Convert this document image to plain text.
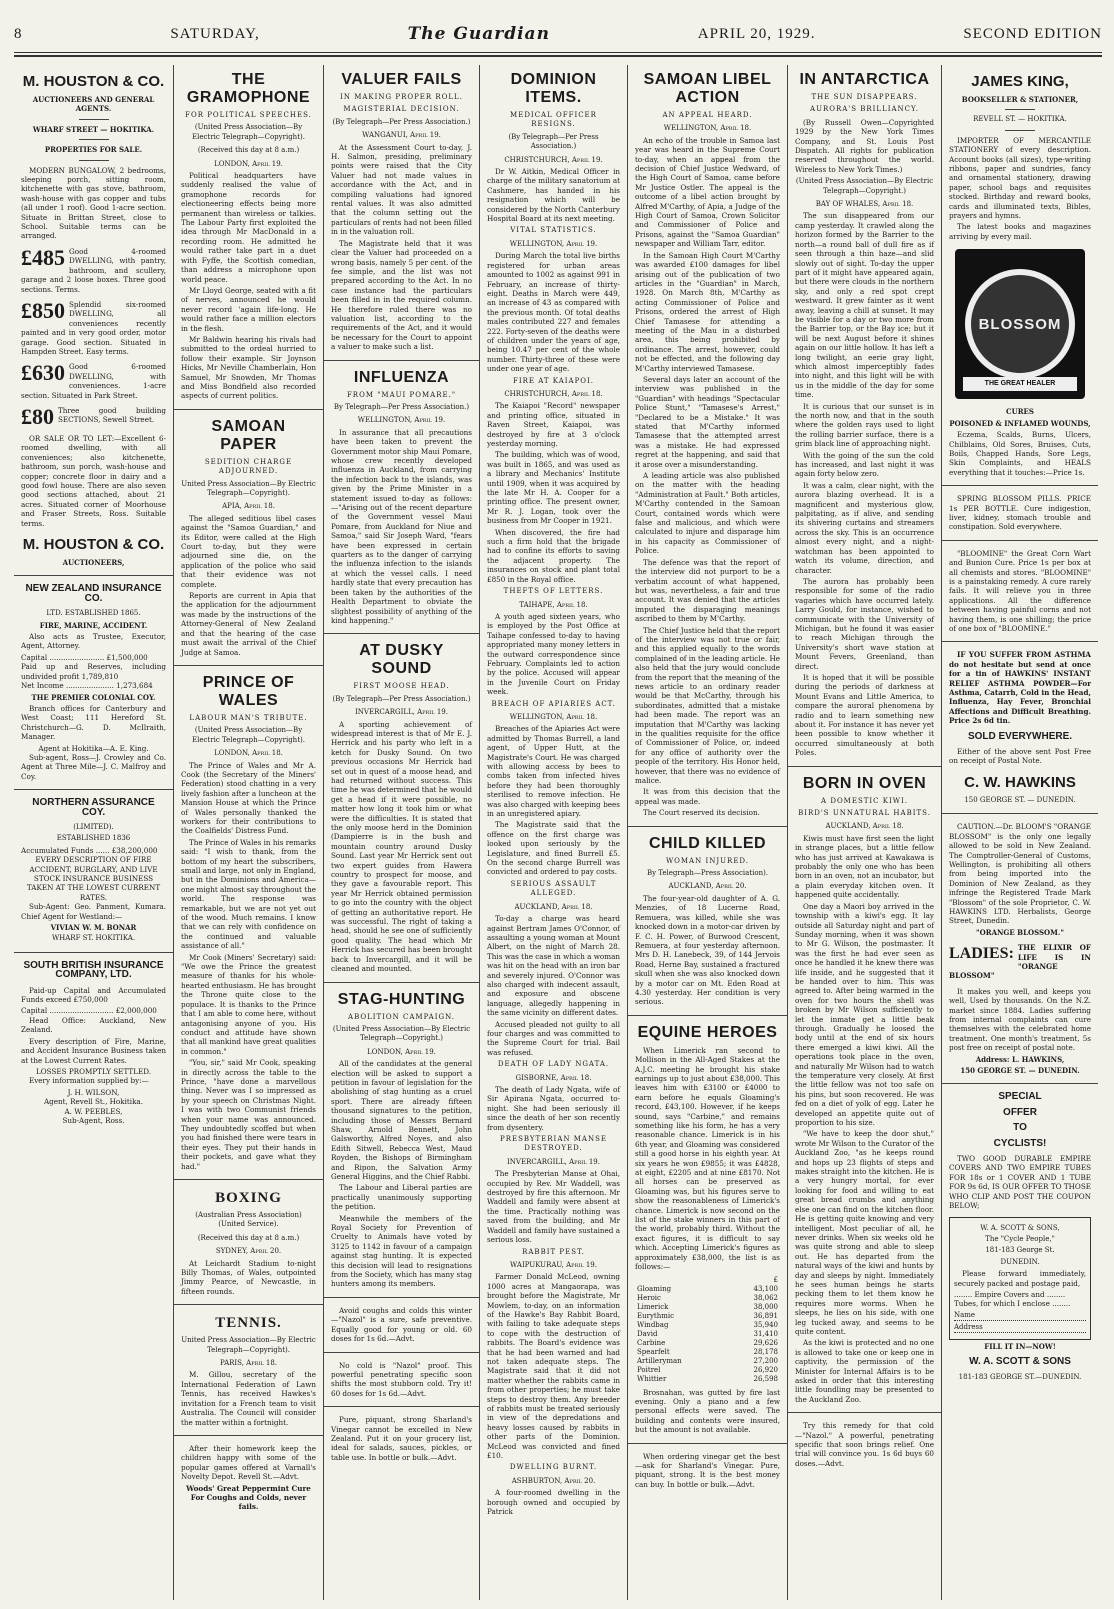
8	SATURDAY,	The Guardian	APRIL 20, 1929.	SECOND EDITION
M. HOUSTON & CO.
AUCTIONEERS AND GENERAL AGENTS.
WHARF STREET — HOKITIKA.
PROPERTIES FOR SALE.

MODERN BUNGALOW, 2 bedrooms, sleeping porch, sitting room, kitchenette with gas stove, bathroom, wash-house with gas copper and tubs (all under 1 roof). Good 1-acre section. Situate in Brittan Street, close to School. Suitable terms can be arranged.

£485 Good 4-roomed DWELLING, with pantry, bathroom, and scullery, garage and 2 loose boxes. Three good sections. Terms.
£850 Splendid six-roomed DWELLING, all conveniences recently painted and in very good order, motor garage. Good section. Situated in Hampden Street. Easy terms.
£630 Good 6-roomed DWELLING, with conveniences. 1-acre section. Situated in Park Street.
£80 Three good building SECTIONS, Sewell Street.

OR SALE OR TO LET:—Excellent 6-roomed dwelling, with all conveniences; also kitchenette, bathroom, sun porch, wash-house and copper; concrete floor in dairy and a good fowl house. There are also seven good sections attached, about 21 acres. Situated corner of Moorhouse and Fraser Streets, Ross. Suitable terms.

M. HOUSTON & CO.
AUCTIONEERS,
NEW ZEALAND INSURANCE CO.
LTD. ESTABLISHED 1865.
FIRE, MARINE, ACCIDENT.

Also acts as Trustee, Executor, Agent, Attorney.

Capital ........................ £1,500,000

Paid up and Reserves, including undivided profit 1,789,810

Net Income ..................... 1,273,684

THE PREMIER COLONIAL COY.

Branch offices for Canterbury and West Coast; 111 Hereford St. Christchurch—G. D. McIlraith, Manager.

Agent at Hokitika—A. E. King.

Sub-agent, Ross—J. Crowley and Co. Agent at Three Mile—J. C. Malfroy and Coy.

NORTHERN ASSURANCE COY.
(LIMITED).
ESTABLISHED 1836

Accumulated Funds ...... £38,200,000

EVERY DESCRIPTION OF FIRE ACCIDENT, BURGLARY, AND LIVE STOCK INSURANCE BUSINESS TAKEN AT THE LOWEST CURRENT RATES.

Sub-Agent: Geo. Panment, Kumara. Chief Agent for Westland:—

VIVIAN W. M. BONAR
WHARF ST. HOKITIKA.
SOUTH BRITISH INSURANCE COMPANY, LTD.

Paid-up Capital and Accumulated Funds exceed £750,000

Capital ............................ £2,000,000

Head Office: Auckland, New Zealand.

Every description of Fire, Marine, and Accident Insurance Business taken at the Lowest Current Rates.

LOSSES PROMPTLY SETTLED.

Every information supplied by:—

J. H. WILSON,

Agent, Revell St., Hokitika.

A. W. PEEBLES,

Sub-Agent, Ross.

THE GRAMOPHONE
FOR POLITICAL SPEECHES.
(United Press Association—By Electric Telegraph—Copyright).
(Received this day at 8 a.m.)
LONDON, April 19.

Political headquarters have suddenly realised the value of gramophone records for electioneering effects being more permanent than wireless or talkies. The Labour Party first exploited the idea through Mr MacDonald in a recording room. He admitted he would rather take part in a duet with Fyffe, the Scottish comedian, than address a microphone upon world peace.

Mr Lloyd George, seated with a fit of nerves, announced he would never record 'again life-long. He would rather face a million electors in the flesh.

Mr Baldwin hearing his rivals had submitted to the ordeal hurried to follow their example. Sir Joynson Hicks, Mr Neville Chamberlain, Hon Samuel, Mr Snowden, Mr Thomas and Miss Bondfield also recorded aspects of current politics.

SAMOAN PAPER
SEDITION CHARGE ADJOURNED.
United Press Association—By Electric Telegraph—Copyright).
APIA, April 18.

The alleged seditious libel cases against the "Samoa Guardian," and its Editor, were called at the High Court to-day, but they were adjourned sine die, on the application of the police who said that their evidence was not complete.

Reports are current in Apia that the application for the adjournment was made by the instructions of the Attorney-General of New Zealand and that the hearing of the case must await the arrival of the Chief Judge at Samoa.

PRINCE OF WALES
LABOUR MAN'S TRIBUTE.
(United Press Association—By Electric Telegraph—Copyright).
LONDON, April 18.

The Prince of Wales and Mr A. Cook (the Secretary of the Miners' Federation) stood chatting in a very lively fashion after a luncheon at the Mansion House at which the Prince of Wales personally thanked the workers for their contributions to the Coalfields' Distress Fund.

The Prince of Wales in his remarks said: "I wish to thank, from the bottom of my heart the subscribers, small and large, not only in England, but in the Dominions and America—one might almost say throughout the world. The response was remarkable, but we are not yet out of the wood. Much remains. I know that we can rely with confidence on the continued and valuable assistance of all."

Mr Cook (Miners' Secretary) said: "We owe the Prince the greatest measure of thanks for his whole-hearted enthusiasm. He has brought the Throne quite close to the populace. It is thanks to the Prince that I am able to come here, without antagonising anyone of you. His conduct and attitude have shown that all mankind have great qualities in common."

"You, sir," said Mr Cook, speaking in directly across the table to the Prince, "have done a marvellous thing. Never was I so impressed as by your speech on Christmas Night. I was with two Communist friends when your name was announced. They undoubtedly scoffed but when you had finished there were tears in their eyes. They put their hands in their pockets, and gave what they had."

BOXING
(Australian Press Association) (United Service).
(Received this day at 8 a.m.)
SYDNEY, April 20.

At Leichardt Stadium to-night Billy Thomas, of Wales, outpointed Jimmy Pearce, of Newcastle, in fifteen rounds.

TENNIS.
United Press Association—By Electric Telegraph—Copyright).
PARIS, April 18.

M. Gillou, secretary of the International Federation of Lawn Tennis, has received Hawkes's invitation for a French team to visit Australia. The Council will consider the matter within a fortnight.

After their homework keep the children happy with some of the popular games offered at Varnall's Novelty Depot. Revell St.—Advt.

Woods' Great Peppermint Cure For Coughs and Colds, never fails.

VALUER FAILS
IN MAKING PROPER ROLL.
MAGISTERIAL DECISION.
(By Telegraph—Per Press Association.)
WANGANUI, April 19.

At the Assessment Court to-day, J. H. Salmon, presiding, preliminary points were raised that the City Valuer had not made values in accordance with the Act, and in compiling valuations had ignored rental values. It was also admitted that the column setting out the particulars of rents had not been filled in in the valuation roll.

The Magistrate held that it was clear the Valuer had proceeded on a wrong basis, namely 5 per cent. of the fee simple, and the list was not prepared according to the Act. In no case instance had the particulars been filled in in the required column. He therefore ruled there was no valuation list, according to the requirements of the Act, and it would be necessary for the Court to appoint a valuer to make such a list.

INFLUENZA
FROM "MAUI POMARE."
By Telegraph—Per Press Association.)
WELLINGTON, April 19.

In assurance that all precautions have been taken to prevent the Government motor ship Maui Pomare, whose crew recently developed influenza in Auckland, from carrying the infection back to the islands, was given by the Prime Minister in a statement issued to-day as follows:—"Arising out of the recent departure of the Government vessel Maui Pomare, from Auckland for Niue and Samoa," said Sir Joseph Ward, "fears have been expressed in certain quarters as to the danger of carrying the influenza infection to the islands at which the vessel calls. I need hardly state that every precaution has been taken by the authorities of the Health Department to obviate the slightest possibility of anything of the kind happening."

AT DUSKY SOUND
FIRST MOOSE HEAD.
(By Telegraph—Per Press Association.)
INVERCARGILL, April 19.

A sporting achievement of widespread interest is that of Mr E. J. Herrick and his party who left in a ketch for Dusky Sound. On two previous occasions Mr Herrick had set out in quest of a moose head, and had returned without success. This time he was determined that he would get a head if it were possible, no matter how long it took him or what were the difficulties. It is stated that the only moose herd in the Dominion (Dampierre is in the bush and mountain country around Dusky Sound. Last year Mr Herrick sent out two expert guides from Hawera country to prospect for moose, and they gave a favourable report. This year Mr Herrick obtained permission to go into the country with the object of getting an authoritative report. He was successful. The right of taking a head, should he see one of sufficiently good quality. The head which Mr Herrick has secured has been brought back to Invercargill, and it will be cleaned and mounted.

STAG-HUNTING
ABOLITION CAMPAIGN.
(United Press Association—By Electric Telegraph—Copyright.)
LONDON, April 19.

All of the candidates at the general election will be asked to support a petition in favour of legislation for the abolishing of stag hunting as a cruel sport. There are already fifteen thousand signatures to the petition, including those of Messrs Bernard Shaw, Arnold Bennett, John Galsworthy, Alfred Noyes, and also Edith Sitwell, Rebecca West, Maud Royden, the Bishops of Birmingham and Ripon, the Salvation Army General Higgins, and the Chief Rabbi.

The Labour and Liberal parties are practically unanimously supporting the petition.

Meanwhile the members of the Royal Society for Prevention of Cruelty to Animals have voted by 3125 to 1142 in favour of a campaign against stag hunting. It is expected this decision will lead to resignations from the Society, which has many stag hunters among its members.

Avoid coughs and colds this winter—"Nazol" is a sure, safe preventive. Equally good for young or old. 60 doses for 1s 6d.—Advt.

No cold is "Nazol" proof. This powerful penetrating specific soon shifts the most stubborn cold. Try it! 60 doses for 1s 6d.—Advt.

Pure, piquant, strong Sharland's Vinegar cannot be excelled in New Zealand. Put it on your grocery list, ideal for salads, sauces, pickles, or table use. In bottle or bulk.—Advt.

DOMINION ITEMS.
MEDICAL OFFICER RESIGNS.
(By Telegraph—Per Press Association.)
CHRISTCHURCH, April 19.

Dr W. Aitkin, Medical Officer in charge of the military sanatorium at Cashmere, has handed in his resignation which will be considered by the North Canterbury Hospital Board at its next meeting.

VITAL STATISTICS.
WELLINGTON, April 19.

During March the total live births registered for urban areas amounted to 1002 as against 991 in February, an increase of thirty-eight. Deaths in March were 449, an increase of 43 as compared with the previous month. Of total deaths males contributed 227 and females 222. Forty-seven of the deaths were of children under the years of age, being 10.47 per cent of the whole number. Thirty-three of these were under one year of age.

FIRE AT KAIAPOI.
CHRISTCHURCH, April 18.

The Kaiapoi "Record" newspaper and printing office, situated in Raven Street, Kaiapoi, was destroyed by fire at 3 o'clock yesterday morning.

The building, which was of wood, was built in 1865, and was used as a library and Mechanics' Institute until 1909, when it was acquired by the late Mr H. A. Cooper for a printing office. The present owner, Mr R. J. Logan, took over the business from Mr Cooper in 1921.

When discovered, the fire had such a firm hold that the brigade had to confine its efforts to saving the adjacent property. The insurances on stock and plant total £850 in the Royal office.

THEFTS OF LETTERS.
TAIHAPE, April 18.

A youth aged sixteen years, who is employed by the Post Office at Taihape confessed to-day to having appropriated many money letters in the outward correspondence since February. Complaints led to action by the police. Accused will appear in the Juvenile Court on Friday week.

BREACH OF APIARIES ACT.
WELLINGTON, April 18.

Breaches of the Apiaries Act were admitted by Thomas Burrell, a land agent, of Upper Hutt, at the Magistrate's Court. He was charged with allowing access by bees to combs taken from infected hives before they had been thoroughly sterilised to remove infection. He was also charged with keeping bees in an unregistered apiary.

The Magistrate said that the offence on the first charge was looked upon seriously by the Legislature, and fined Burrell £5. On the second charge Burrell was convicted and ordered to pay costs.

SERIOUS ASSAULT ALLEGED.
AUCKLAND, April 18.

To-day a charge was heard against Bertram James O'Connor, of assaulting a young woman at Mount Albert, on the night of March 28. This was the case in which a woman was hit on the head with an iron bar and severely injured. O'Connor was also charged with indecent assault, and exposure and obscene language, allegedly happening in the same vicinity on different dates.

Accused pleaded not guilty to all four charges and was committed to the Supreme Court for trial. Bail was refused.

DEATH OF LADY NGATA.
GISBORNE, April 18.

The death of Lady Ngata, wife of Sir Apirana Ngata, occurred to-night. She had been seriously ill since the death of her son recently from dysentery.

PRESBYTERIAN MANSE DESTROYED.
INVERCARGILL, April 19.

The Presbyterian Manse at Ohai, occupied by Rev. Mr Waddell, was destroyed by fire this afternoon. Mr Waddell and family were absent at the time. Practically nothing was saved from the building, and Mr Waddell and family have sustained a serious loss.

RABBIT PEST.
WAIPUKURAU, April 19.

Farmer Donald McLeod, owning 1000 acres at Mangaorapa, was brought before the Magistrate, Mr Mowlem, to-day, on an information of the Hawke's Bay Rabbit Board, with failing to take adequate steps to cope with the destruction of rabbits. The Board's evidence was that he had been warned and had not taken adequate steps. The Magistrate said that it did not matter whether the rabbits came in from other properties; he must take steps to destroy them. Any breeder of rabbits must be treated seriously in view of the depredations and heavy losses caused by rabbits in other parts of the Dominion. McLeod was convicted and fined £10.

DWELLING BURNT.
ASHBURTON, April 20.

A four-roomed dwelling in the borough owned and occupied by Patrick

SAMOAN LIBEL ACTION
AN APPEAL HEARD.
WELLINGTON, April 18.

An echo of the trouble in Samoa last year was heard in the Supreme Court to-day, when an appeal from the decision of Chief Justice Wedward, of the High Court of Samoa, came before Mr Justice Ostler. The appeal is the outcome of a libel action brought by Alfred M'Carthy, of Apia, a Judge of the High Court of Samoa, Crown Solicitor and Commissioner of Police and Prisons, against the "Samoa Guardian" newspaper and William Tarr, editor.

In the Samoan High Court M'Carthy was awarded £100 damages for libel arising out of the publication of two articles in the "Guardian" in March, 1928. On March 8th, M'Carthy as acting Commissioner of Police and Prisons, ordered the arrest of High Chief Tamasese for attending a meeting of the Mau in a disturbed area, this being prohibited by ordinance. The arrest, however, could not be effected, and the following day M'Carthy interviewed Tamasese.

Several days later an account of the interview was published in the "Guardian" with headings "Spectacular Police Stunt," "Tamasese's Arrest," "Declared to be a Mistake." It was stated that M'Carthy informed Tamasese that the attempted arrest was a mistake. He had expressed regret at the happening, and said that it arose over a misunderstanding.

A leading article was also published on the matter with the heading "Administration at Fault." Both articles, M'Carthy contended in the Samoan Court, contained words which were false and malicious, and which were calculated to injure and disparage him in his capacity as Commissioner of Police.

The defence was that the report of the interview did not purport to be a verbatim account of what happened, but was, nevertheless, a fair and true account. It was denied that the articles imputed the disparaging meanings ascribed to them by M'Carthy.

The Chief Justice held that the report of the interview was not true or fair, and this applied equally to the words complained of in the leading article. He also held that the jury would conclude from the report that the meaning of the news article to an ordinary reader would be that McCarthy, through his subordinates, admitted that a mistake had been made. The report was an imputation that M'Carthy was lacking in the qualities requisite for the office of Commissioner of Police, or, indeed for any office of authority over the people of the territory. His Honor held, however, that there was no evidence of malice.

It was from this decision that the appeal was made.

The Court reserved its decision.

CHILD KILLED
WOMAN INJURED.
By Telegraph—Press Association).
AUCKLAND, April 20.

The four-year-old daughter of A. G. Menzies, of 18 Lucerne Road, Remuera, was killed, while she was knocked down in a motor-car driven by F. C. H. Power, of Burwood Crescent, Remuera, at four yesterday afternoon. Mrs D. H. Lanebeck, 39, of 144 Jervois Road, Herne Bay, sustained a fractured skull when she was also knocked down by a motor car on Mt. Eden Road at 4.30 yesterday. Her condition is very serious.

EQUINE HEROES

When Limerick ran second to Mollison in the All-Aged Stakes at the A.J.C. meeting he brought his stake earnings up to just about £38,000. This leaves him with £3100 or £4000 to earn before he equals Gloaming's record, £43,100. However, if he keeps sound, says "Carbine," and remains something like his form, he has a very reasonable chance. Limerick is in his 6th year, and Gloaming was considered still a good horse in his eighth year. At six years he won £9855; it was £4828, at eight, £2205 and at nine £8170. Not all horses can be preserved as Gloaming was, but his figures serve to show the reasonableness of Limerick's chance. Limerick is now second on the list of the stake winners in this part of the world, probably third. Without the exact figures, it is difficult to say which. Accepting Limerick's figures as approximately £38,000, the list is as follows:—

	£
Gloaming	43,100
Heroic	38,062
Limerick	38,000
Eurythmic	36,891
Windbag	35,940
David	31,410
Carbine	29,626
Spearfelt	28,178
Artilleryman	27,200
Poitrel	26,920
Whittier	26,598

Brosnahan, was gutted by fire last evening. Only a piano and a few personal effects were saved. The building and contents were insured, but the amount is not available.

When ordering vinegar get the best—ask for Sharland's Vinegar. Pure, piquant, strong. It is the best money can buy. In bottle or bulk.—Advt.

IN ANTARCTICA
THE SUN DISAPPEARS.
AURORA'S BRILLIANCY.

(By Russell Owen—Copyrighted 1929 by the New York Times Company, and St. Louis Post Dispatch. All rights for publication reserved throughout the world. Wireless to New York Times.)

(United Press Association—By Electric Telegraph—Copyright.)
BAY OF WHALES, April 18.

The sun disappeared from our camp yesterday. It crawled along the horizon formed by the Barrier to the north—a round ball of dull fire as if seen through a thin haze—and slid slowly out of sight. To-day the upper part of it might have appeared again, but there were clouds in the northern sky, and only a red spot crept westward. It grew fainter as it went away, leaving a chill at sunset. It may be visible for a day or two more from the Barrier top, or the Bay ice; but it will be next August before it shines again on our little hollow. It has left a long twilight, an eerie gray light, which almost imperceptibly fades into night, and this light will be with us in the middle of the day for some time.

It is curious that our sunset is in the north now, and that in the south where the golden rays used to light the rolling barrier surface, there is a grim black line of approaching night.

With the going of the sun the cold has increased, and last night it was again forty below zero.

It was a calm, clear night, with the aurora blazing overhead. It is a magnificent and mysterious glow, palpitating, as if alive, and sending its shivering curtains and streamers across the sky. This is an occurrence almost every night, and a night-watchman has been appointed to watch its volume, direction, and character.

The aurora has probably been responsible for some of the radio vagaries which have occurred lately. Larry Gould, for instance, wished to communicate with the University of Michigan, but he found it was easier to reach Michigan through the University's short wave station at Mount Fevers, Greenland, than direct.

It is hoped that it will be possible during the periods of darkness at Mount Evans and Little America, to compare the auroral phenomena by radio and to learn something new about it. For instance it has never yet been possible to know whether it occurred simultaneously at both Poles.

BORN IN OVEN
A DOMESTIC KIWI.
BIRD'S UNNATURAL HABITS.
AUCKLAND, April 18.

Kiwis must have first seen the light in strange places, but a little fellow who has just arrived at Kawakawa is probably the only one who has been born in an oven, not an incubator, but a plain everyday kitchen oven. It happened quite accidentally.

One day a Maori boy arrived in the township with a kiwi's egg. It lay outside all Saturday night and part of Sunday morning, when it was shown to Mr G. Wilson, the postmaster. It was the first he had ever seen as once he handled it he knew there was life inside, and he suggested that it be handed over to him. This was agreed to. After being warmed in the oven for two hours the shell was broken by Mr Wilson sufficiently to let the inmate get a little beak through. Gradually he loosed the body until at the end of six hours there emerged a kiwi kiwi. All the operations took place in the oven, and naturally Mr Wilson had to watch the temperature very closely. At first the little fellow was not too safe on his pins, but soon recovered. He was fed on a diet of yolk of egg. Later he developed an appetite quite out of proportion to his size.

"We have to keep the door shut," wrote Mr Wilson to the Curator of the Auckland Zoo, "as he keeps round and hops up 23 flights of steps and makes straight into the kitchen. He is a very hungry mortal, for ever looking for food and willing to eat great bread crumbs and anything else one can find on the kitchen floor. He is getting quite knowing and very intelligent. Most peculiar of all, he never drinks. When six weeks old he was quite strong and able to sleep out. He has departed from the natural ways of the kiwi and hunts by day and sleeps by night. Immediately he sees human beings he starts pecking them to let them know he requires more worms. When he sleeps, he lies on his side, with one leg tucked away, and seems to be quite content.

As the kiwi is protected and no one is allowed to take one or keep one in captivity, the permission of the Minister for Internal Affairs is to be asked in order that this interesting little foundling may be presented to the Auckland Zoo.

Try this remedy for that cold—"Nazol." A powerful, penetrating specific that soon brings relief. One trial will convince you. 1s 6d buys 60 doses.—Advt.

JAMES KING,
BOOKSELLER & STATIONER,
REVELL ST. — HOKITIKA.

IMPORTER OF MERCANTILE STATIONERY of every description. Account books (all sizes), type-writing ribbons, paper and sundries, fancy and ornamental stationery, drawing paper, school bags and requisites stocked. Birthday and reward books, cards and illuminated texts, Bibles, prayers and hymns.

The latest books and magazines arriving by every mail.

BLOSSOM
THE GREAT HEALER
CURES
POISONED & INFLAMED WOUNDS,

Eczema, Scalds, Burns, Ulcers, Chilblains, Old Sores, Bruises, Cuts, Boils, Chapped Hands, Sore Legs, Skin Complaints, and HEALS everything that it touches:—Price 1s.

SPRING BLOSSOM PILLS. PRICE 1s PER BOTTLE. Cure indigestion, liver, kidney, stomach trouble and constipation. Sold everywhere.

"BLOOMINE" the Great Corn Wart and Bunion Cure. Price 1s per box at all chemists and stores. "BLOOMINE" is a painstaking remedy. A cure rarely fails. It will relieve you in three applications. All the difference between having painful corns and not having them, is one shilling; the price of one box of "BLOOMINE."

IF YOU SUFFER FROM ASTHMA do not hesitate but send at once for a tin of HAWKINS' INSTANT RELIEF ASTHMA POWDER—For Asthma, Catarrh, Cold in the Head, Influenza, Hay Fever, Bronchial Affections and Difficult Breathing. Price 2s 6d tin.

SOLD EVERYWHERE.

Either of the above sent Post Free on receipt of Postal Note.

C. W. HAWKINS
150 GEORGE ST. — DUNEDIN.

CAUTION.—Dr. BLOOM'S "ORANGE BLOSSOM" is the only one legally allowed to be sold in New Zealand. The Comptroller-General of Customs, Wellington, is prohibiting all others from being imported into the Dominion of New Zealand, as they infringe the Registered Trade Mark "Blossom" of the sole Proprietor, C. W. HAWKINS LTD. Herbalists, George Street, Dunedin.

"ORANGE BLOSSOM."
LADIES: THE ELIXIR OF LIFE IS IN "ORANGE BLOSSOM"

It makes you well, and keeps you well, Used by thousands. On the N.Z. market since 1884. Ladies suffering from internal complaints can cure themselves with the celebrated home treatment. One month's treatment, 5s post free on receipt of postal note.

Address: L. HAWKINS,
150 GEORGE ST. — DUNEDIN.
SPECIAL
OFFER
TO
CYCLISTS!

TWO GOOD DURABLE EMPIRE COVERS AND TWO EMPIRE TUBES FOR 18s or 1 COVER AND 1 TUBE FOR 9s 6d, IS OUR OFFER TO THOSE WHO CLIP AND POST THE COUPON BELOW;

W. A. SCOTT & SONS,
The "Cycle People,"
181-183 George St.
DUNEDIN.

Please forward immediately, securely packed and postage paid,

........ Empire Covers and ........

Tubes, for which I enclose ........

Name
Address
FILL IT IN—NOW!
W. A. SCOTT & SONS
181-183 GEORGE ST.—DUNEDIN.
